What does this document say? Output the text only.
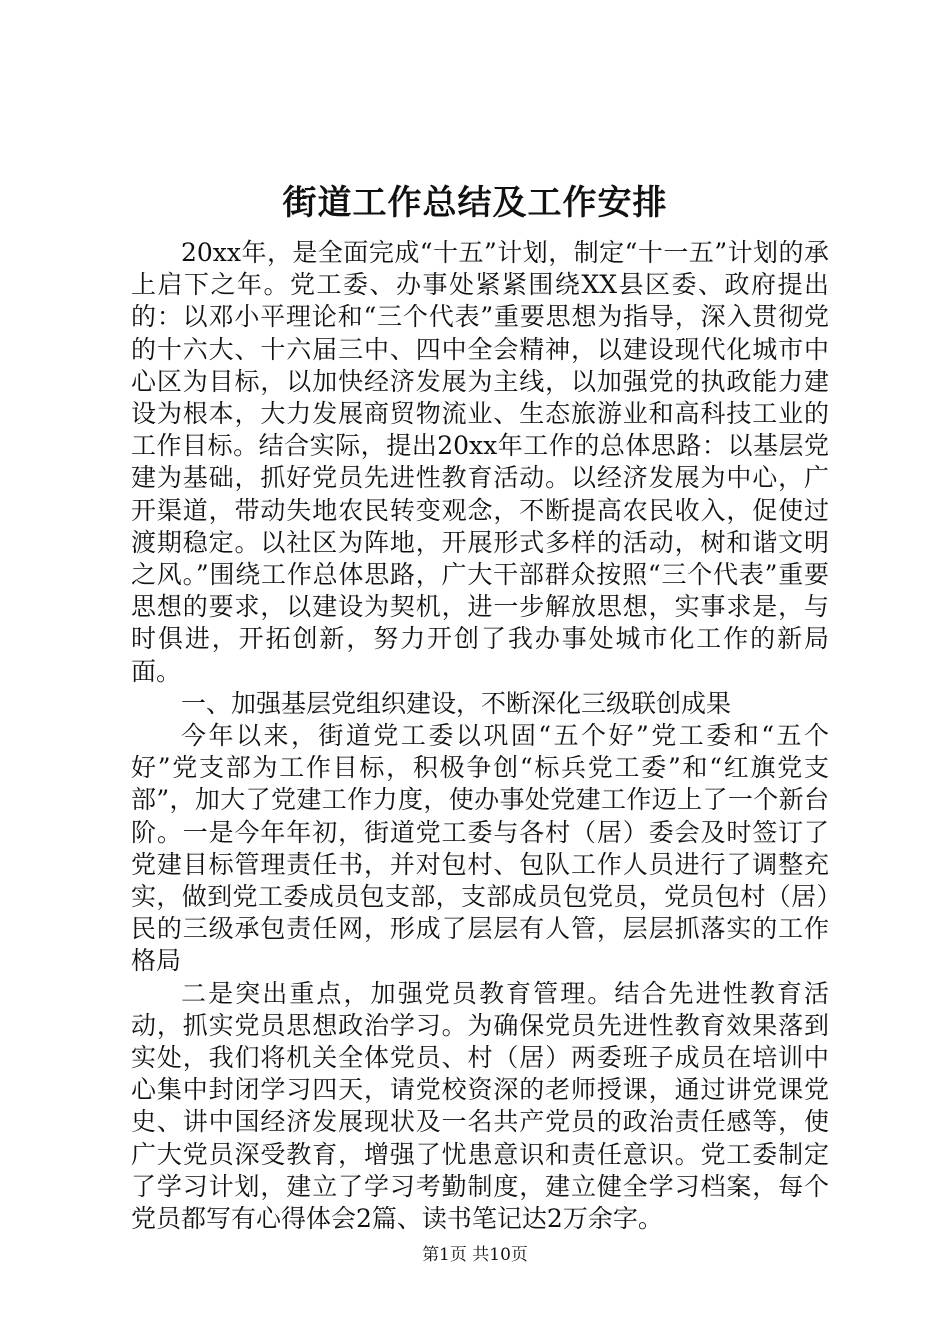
街道工作总结及工作安排

20xx年，是全面完成“十五”计划，制定“十一五”计划的承上启下之年。党工委、办事处紧紧围绕XX县区委、政府提出的：以邓小平理论和“三个代表”重要思想为指导，深入贯彻党的十六大、十六届三中、四中全会精神，以建设现代化城市中心区为目标，以加快经济发展为主线，以加强党的执政能力建设为根本，大力发展商贸物流业、生态旅游业和高科技工业的工作目标。结合实际，提出20xx年工作的总体思路：以基层党建为基础，抓好党员先进性教育活动。以经济发展为中心，广开渠道，带动失地农民转变观念，不断提高农民收入，促使过渡期稳定。以社区为阵地，开展形式多样的活动，树和谐文明之风。”围绕工作总体思路，广大干部群众按照“三个代表”重要思想的要求，以建设为契机，进一步解放思想，实事求是，与时俱进，开拓创新，努力开创了我办事处城市化工作的新局面。

一、加强基层党组织建设，不断深化三级联创成果

今年以来，街道党工委以巩固“五个好”党工委和“五个好”党支部为工作目标，积极争创“标兵党工委”和“红旗党支部”，加大了党建工作力度，使办事处党建工作迈上了一个新台阶。一是今年年初，街道党工委与各村（居）委会及时签订了党建目标管理责任书，并对包村、包队工作人员进行了调整充实，做到党工委成员包支部，支部成员包党员，党员包村（居）民的三级承包责任网，形成了层层有人管，层层抓落实的工作格局

二是突出重点，加强党员教育管理。结合先进性教育活动，抓实党员思想政治学习。为确保党员先进性教育效果落到实处，我们将机关全体党员、村（居）两委班子成员在培训中心集中封闭学习四天，请党校资深的老师授课，通过讲党课党史、讲中国经济发展现状及一名共产党员的政治责任感等，使广大党员深受教育，增强了忧患意识和责任意识。党工委制定了学习计划，建立了学习考勤制度，建立健全学习档案，每个党员都写有心得体会2篇、读书笔记达2万余字。

第1页 共10页
